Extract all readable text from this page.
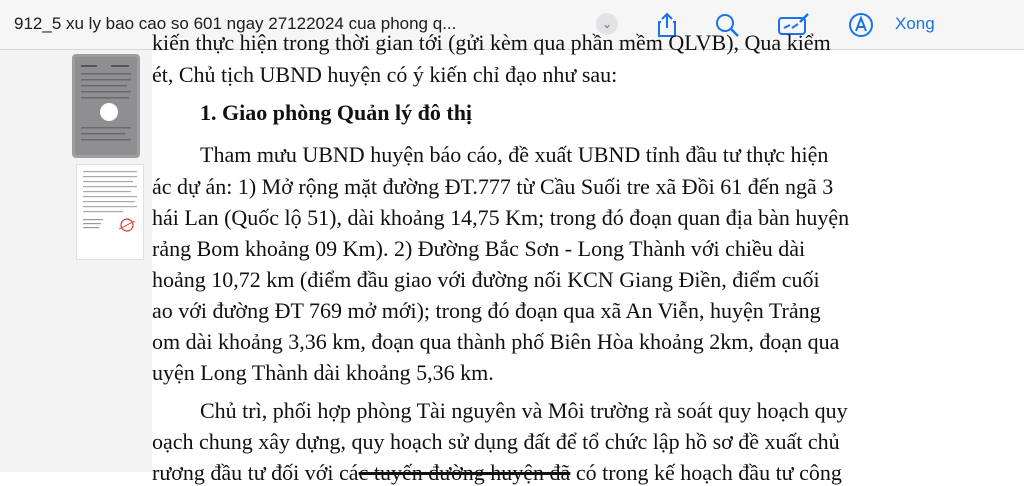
912_5 xu ly bao cao so 601 ngay 27122024 cua phong q...	⌄	Xong

kiến thực hiện trong thời gian tới (gửi kèm qua phần mềm QLVB), Qua kiểm

ét, Chủ tịch UBND huyện có ý kiến chỉ đạo như sau:

1. Giao phòng Quản lý đô thị

Tham mưu UBND huyện báo cáo, đề xuất UBND tỉnh đầu tư thực hiện

ác dự án: 1) Mở rộng mặt đường ĐT.777 từ Cầu Suối tre xã Đồi 61 đến ngã 3

hái Lan (Quốc lộ 51), dài khoảng 14,75 Km; trong đó đoạn quan địa bàn huyện

rảng Bom khoảng 09 Km). 2) Đường Bắc Sơn - Long Thành với chiều dài

hoảng 10,72 km (điểm đầu giao với đường nối KCN Giang Điền, điểm cuối

ao với đường ĐT 769 mở mới); trong đó đoạn qua xã An Viễn, huyện Trảng

om dài khoảng 3,36 km, đoạn qua thành phố Biên Hòa khoảng 2km, đoạn qua

uyện Long Thành dài khoảng 5,36 km.

Chủ trì, phối hợp phòng Tài nguyên và Môi trường rà soát quy hoạch quy

oạch chung xây dựng, quy hoạch sử dụng đất để tổ chức lập hồ sơ đề xuất chủ

rương đầu tư đối với các tuyến đường huyện đã có trong kế hoạch đầu tư công
